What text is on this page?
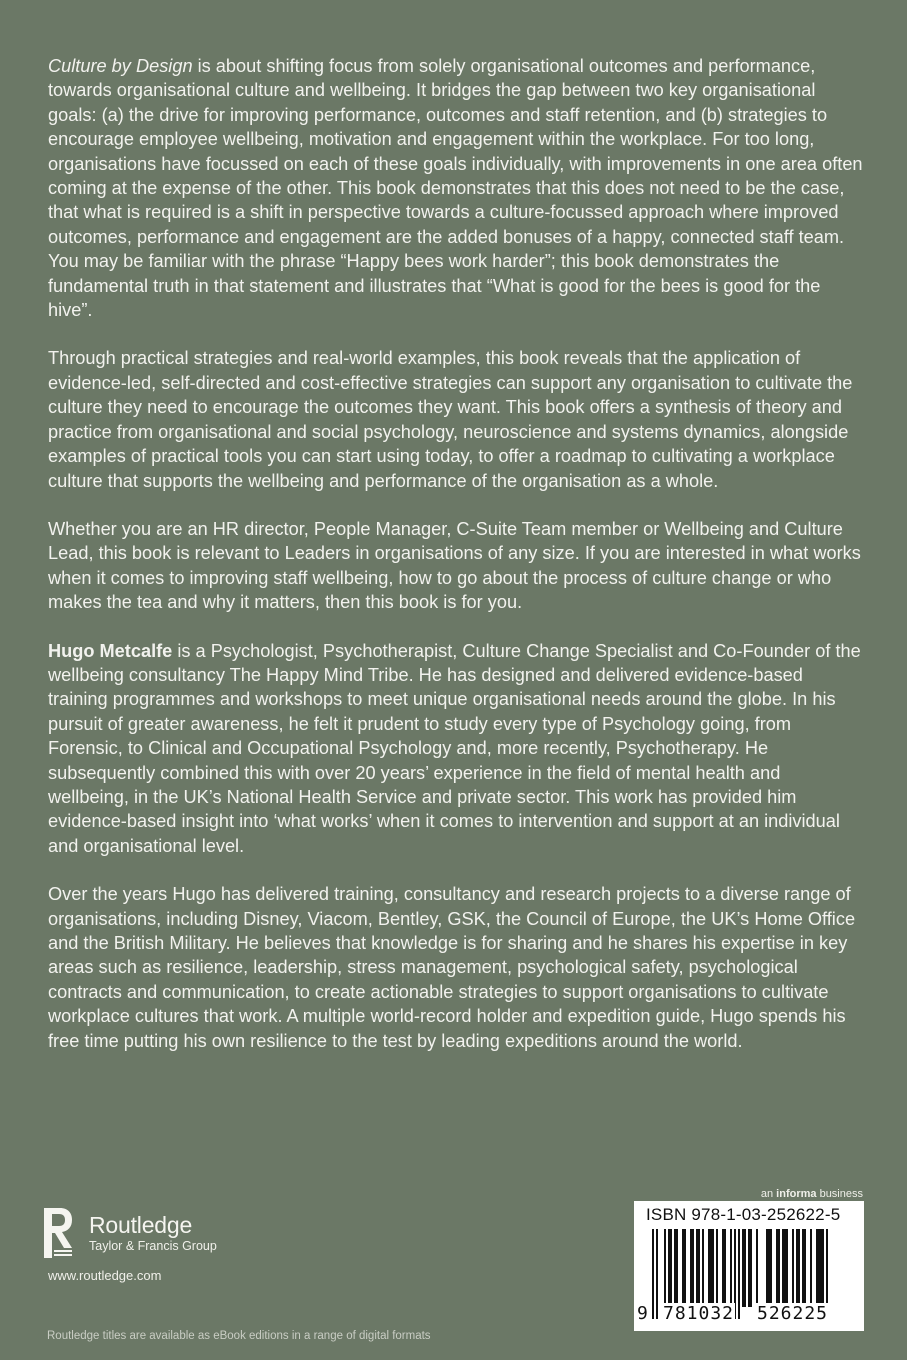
Culture by Design is about shifting focus from solely organisational outcomes and performance, towards organisational culture and wellbeing. It bridges the gap between two key organisational goals: (a) the drive for improving performance, outcomes and staff retention, and (b) strategies to encourage employee wellbeing, motivation and engagement within the workplace. For too long, organisations have focussed on each of these goals individually, with improvements in one area often coming at the expense of the other. This book demonstrates that this does not need to be the case, that what is required is a shift in perspective towards a culture-focussed approach where improved outcomes, performance and engagement are the added bonuses of a happy, connected staff team. You may be familiar with the phrase “Happy bees work harder”; this book demonstrates the fundamental truth in that statement and illustrates that “What is good for the bees is good for the hive”.

Through practical strategies and real-world examples, this book reveals that the application of evidence-led, self-directed and cost-effective strategies can support any organisation to cultivate the culture they need to encourage the outcomes they want. This book offers a synthesis of theory and practice from organisational and social psychology, neuroscience and systems dynamics, alongside examples of practical tools you can start using today, to offer a roadmap to cultivating a workplace culture that supports the wellbeing and performance of the organisation as a whole.

Whether you are an HR director, People Manager, C-Suite Team member or Wellbeing and Culture Lead, this book is relevant to Leaders in organisations of any size. If you are interested in what works when it comes to improving staff wellbeing, how to go about the process of culture change or who makes the tea and why it matters, then this book is for you.

Hugo Metcalfe is a Psychologist, Psychotherapist, Culture Change Specialist and Co-Founder of the wellbeing consultancy The Happy Mind Tribe. He has designed and delivered evidence-based training programmes and workshops to meet unique organisational needs around the globe. In his pursuit of greater awareness, he felt it prudent to study every type of Psychology going, from Forensic, to Clinical and Occupational Psychology and, more recently, Psychotherapy. He subsequently combined this with over 20 years’ experience in the field of mental health and wellbeing, in the UK’s National Health Service and private sector. This work has provided him evidence-based insight into ‘what works’ when it comes to intervention and support at an individual and organisational level.

Over the years Hugo has delivered training, consultancy and research projects to a diverse range of organisations, including Disney, Viacom, Bentley, GSK, the Council of Europe, the UK’s Home Office and the British Military. He believes that knowledge is for sharing and he shares his expertise in key areas such as resilience, leadership, stress management, psychological safety, psychological contracts and communication, to create actionable strategies to support organisations to cultivate workplace cultures that work. A multiple world-record holder and expedition guide, Hugo spends his free time putting his own resilience to the test by leading expeditions around the world.

Routledge
Taylor & Francis Group
www.routledge.com
Routledge titles are available as eBook editions in a range of digital formats
an informa business
ISBN 978-1-03-252622-5
9 781032 526225
